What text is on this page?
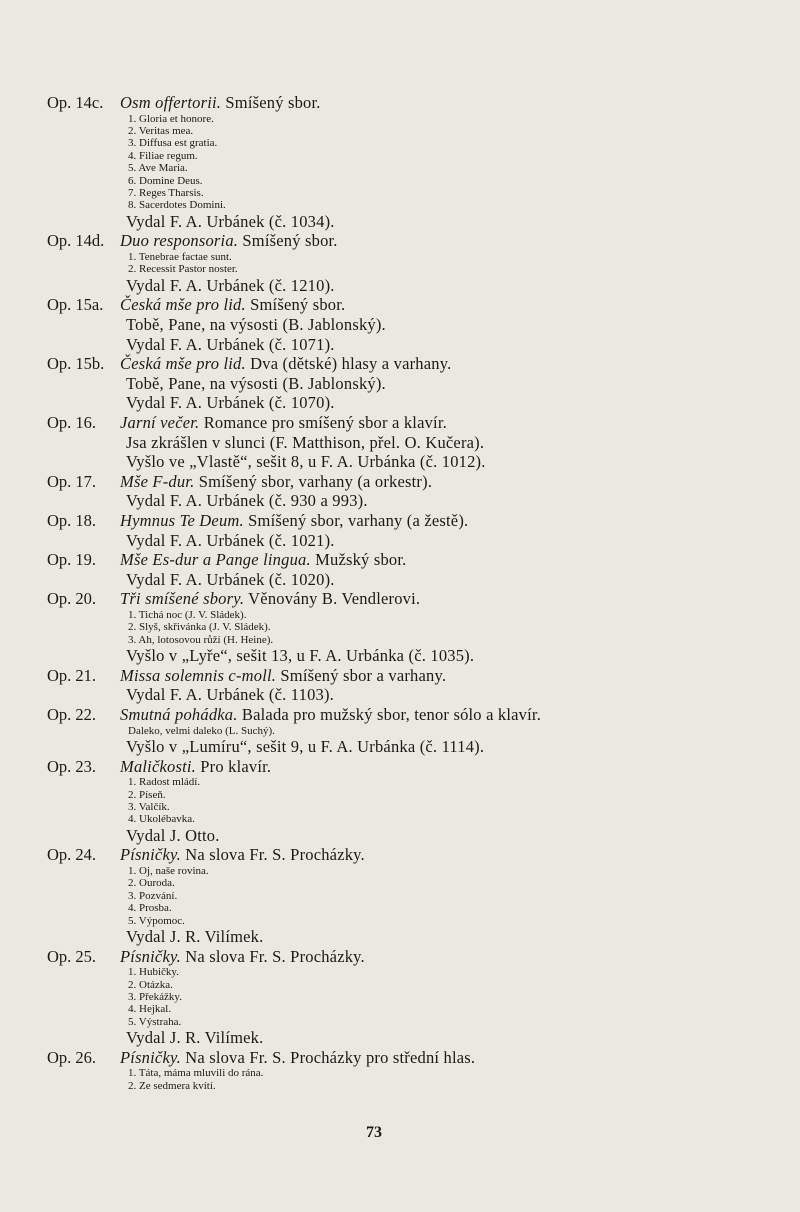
Op. 14c.	Osm offertorii. Smíšený sbor.
1. Gloria et honore.
2. Veritas mea.
3. Diffusa est gratia.
4. Filiae regum.
5. Ave Maria.
6. Domine Deus.
7. Reges Tharsis.
8. Sacerdotes Domini.
Vydal F. A. Urbánek (č. 1034).
Op. 14d. Duo responsoria. Smíšený sbor.
1. Tenebrae factae sunt.
2. Recessit Pastor noster.
Vydal F. A. Urbánek (č. 1210).
Op. 15a.	Česká mše pro lid. Smíšený sbor.
Tobě, Pane, na výsosti (B. Jablonský).
Vydal F. A. Urbánek (č. 1071).
Op. 15b. Česká mše pro lid. Dva (dětské) hlasy a varhany.
Tobě, Pane, na výsosti (B. Jablonský).
Vydal F. A. Urbánek (č. 1070).
Op. 16.	Jarní večer. Romance pro smíšený sbor a klavír.
Jsa zkrášlen v slunci (F. Matthison, přel. O. Kučera).
Vyšlo ve „Vlastě“, sešit 8, u F. A. Urbánka (č. 1012).
Op. 17.	Mše F-dur. Smíšený sbor, varhany (a orkestr).
Vydal F. A. Urbánek (č. 930 a 993).
Op. 18.	Hymnus Te Deum. Smíšený sbor, varhany (a žestě).
Vydal F. A. Urbánek (č. 1021).
Op. 19.	Mše Es-dur a Pange lingua. Mužský sbor.
Vydal F. A. Urbánek (č. 1020).
Op. 20.	Tři smíšené sbory. Věnovány B. Vendlerovi.
1. Tichá noc (J. V. Sládek).
2. Slyš, skřivánka (J. V. Sládek).
3. Ah, lotosovou růží (H. Heine).
Vyšlo v „Lyře“, sešit 13, u F. A. Urbánka (č. 1035).
Op. 21.	Missa solemnis c-moll. Smíšený sbor a varhany.
Vydal F. A. Urbánek (č. 1103).
Op. 22.	Smutná pohádka. Balada pro mužský sbor, tenor sólo a klavír.
Daleko, velmi daleko (L. Suchý).
Vyšlo v „Lumíru“, sešit 9, u F. A. Urbánka (č. 1114).
Op. 23.	Maličkosti. Pro klavír.
1. Radost mládí.
2. Píseň.
3. Valčík.
4. Ukolébavka.
Vydal J. Otto.
Op. 24.	Písničky. Na slova Fr. S. Procházky.
1. Oj, naše rovina.
2. Ouroda.
3. Pozvání.
4. Prosba.
5. Výpomoc.
Vydal J. R. Vilímek.
Op. 25.	Písničky. Na slova Fr. S. Procházky.
1. Hubičky.
2. Otázka.
3. Překážky.
4. Hejkal.
5. Výstraha.
Vydal J. R. Vilímek.
Op. 26.	Písničky. Na slova Fr. S. Procházky pro střední hlas.
1. Táta, máma mluvili do rána.
2. Ze sedmera kvítí.
73
